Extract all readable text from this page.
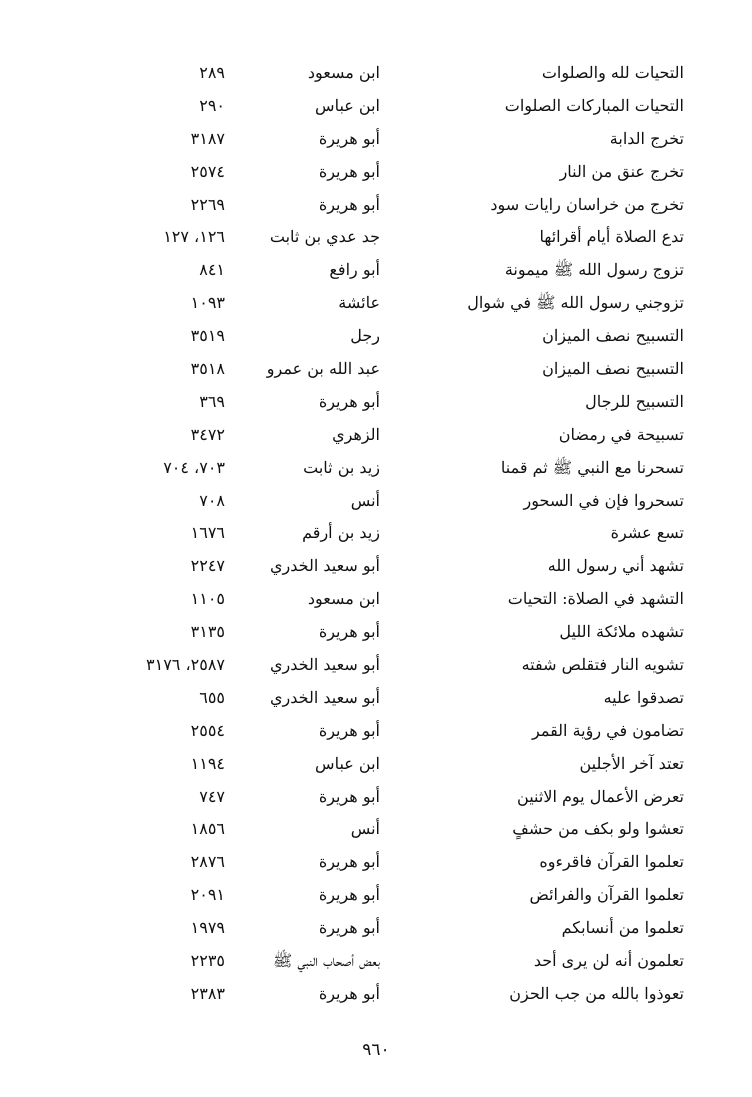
التحيات لله والصلوات
ابن مسعود
٢٨٩
التحيات المباركات الصلوات
ابن عباس
٢٩٠
تخرج الدابة
أبو هريرة
٣١٨٧
تخرج عنق من النار
أبو هريرة
٢٥٧٤
تخرج من خراسان رايات سود
أبو هريرة
٢٢٦٩
تدع الصلاة أيام أقرائها
جد عدي بن ثابت
١٢٦، ١٢٧
تزوج رسول الله ﷺ ميمونة
أبو رافع
٨٤١
تزوجني رسول الله ﷺ في شوال
عائشة
١٠٩٣
التسبيح نصف الميزان
رجل
٣٥١٩
التسبيح نصف الميزان
عبد الله بن عمرو
٣٥١٨
التسبيح للرجال
أبو هريرة
٣٦٩
تسبيحة في رمضان
الزهري
٣٤٧٢
تسحرنا مع النبي ﷺ ثم قمنا
زيد بن ثابت
٧٠٣، ٧٠٤
تسحروا فإن في السحور
أنس
٧٠٨
تسع عشرة
زيد بن أرقم
١٦٧٦
تشهد أني رسول الله
أبو سعيد الخدري
٢٢٤٧
التشهد في الصلاة: التحيات
ابن مسعود
١١٠٥
تشهده ملائكة الليل
أبو هريرة
٣١٣٥
تشويه النار فتقلص شفته
أبو سعيد الخدري
٢٥٨٧، ٣١٧٦
تصدقوا عليه
أبو سعيد الخدري
٦٥٥
تضامون في رؤية القمر
أبو هريرة
٢٥٥٤
تعتد آخر الأجلين
ابن عباس
١١٩٤
تعرض الأعمال يوم الاثنين
أبو هريرة
٧٤٧
تعشوا ولو بكف من حشفٍ
أنس
١٨٥٦
تعلموا القرآن فاقرءوه
أبو هريرة
٢٨٧٦
تعلموا القرآن والفرائض
أبو هريرة
٢٠٩١
تعلموا من أنسابكم
أبو هريرة
١٩٧٩
تعلمون أنه لن يرى أحد
بعض أصحاب النبي ﷺ
٢٢٣٥
تعوذوا بالله من جب الحزن
أبو هريرة
٢٣٨٣
٩٦٠
